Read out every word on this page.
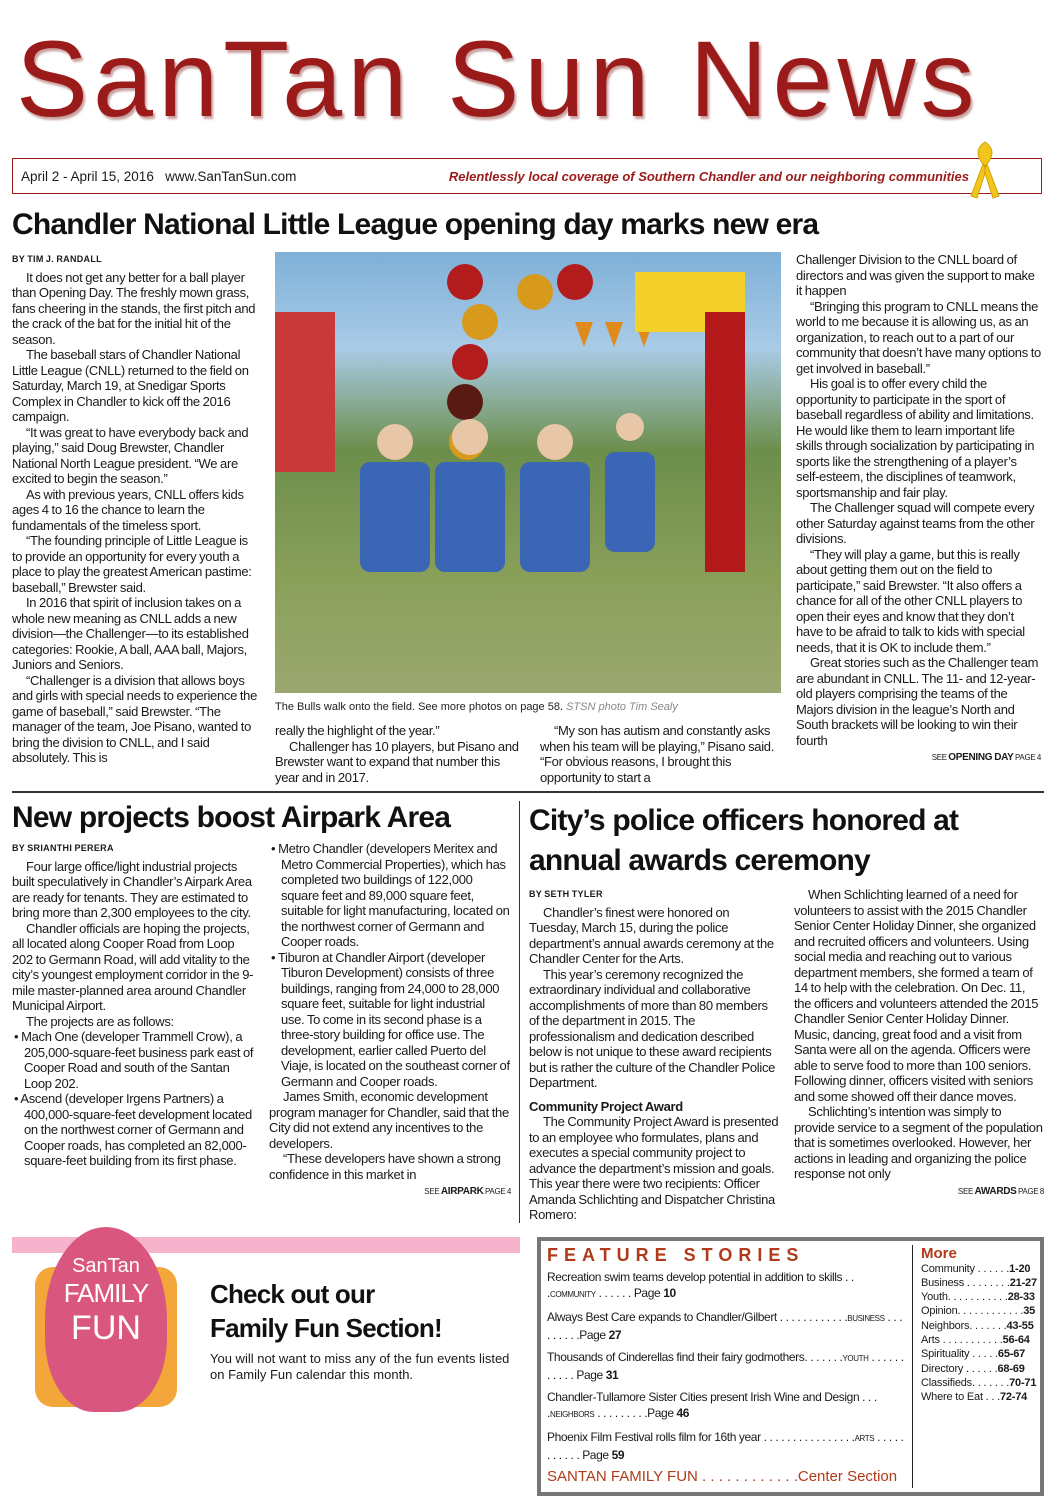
SanTan Sun News
April 2 - April 15, 2016
www.SanTanSun.com	Relentlessly local coverage of Southern Chandler and our neighboring communities
Chandler National Little League opening day marks new era

BY TIM J. RANDALL

It does not get any better for a ball player than Opening Day. The freshly mown grass, fans cheering in the stands, the first pitch and the crack of the bat for the initial hit of the season.

The baseball stars of Chandler National Little League (CNLL) returned to the field on Saturday, March 19, at Snedigar Sports Complex in Chandler to kick off the 2016 campaign.

“It was great to have everybody back and playing,” said Doug Brewster, Chandler National North League president. “We are excited to begin the season.”

As with previous years, CNLL offers kids ages 4 to 16 the chance to learn the fundamentals of the timeless sport.

“The founding principle of Little League is to provide an opportunity for every youth a place to play the greatest American pastime: baseball,” Brewster said.

In 2016 that spirit of inclusion takes on a whole new meaning as CNLL adds a new division—the Challenger—to its established categories: Rookie, A ball, AAA ball, Majors, Juniors and Seniors.

“Challenger is a division that allows boys and girls with special needs to experience the game of baseball,” said Brewster. “The manager of the team, Joe Pisano, wanted to bring the division to CNLL, and I said absolutely. This is

The Bulls walk onto the field. See more photos on page 58. STSN photo Tim Sealy

really the highlight of the year.”

Challenger has 10 players, but Pisano and Brewster want to expand that number this year and in 2017.

“My son has autism and constantly asks when his team will be playing,” Pisano said. “For obvious reasons, I brought this opportunity to start a

Challenger Division to the CNLL board of directors and was given the support to make it happen

“Bringing this program to CNLL means the world to me because it is allowing us, as an organization, to reach out to a part of our community that doesn’t have many options to get involved in baseball.”

His goal is to offer every child the opportunity to participate in the sport of baseball regardless of ability and limitations. He would like them to learn important life skills through socialization by participating in sports like the strengthening of a player’s self-esteem, the disciplines of teamwork, sportsmanship and fair play.

The Challenger squad will compete every other Saturday against teams from the other divisions.

“They will play a game, but this is really about getting them out on the field to participate,” said Brewster. “It also offers a chance for all of the other CNLL players to open their eyes and know that they don’t have to be afraid to talk to kids with special needs, that it is OK to include them.”

Great stories such as the Challenger team are abundant in CNLL. The 11- and 12-year-old players comprising the teams of the Majors division in the league’s North and South brackets will be looking to win their fourth

SEE OPENING DAY PAGE 4
New projects boost Airpark Area

BY SRIANTHI PERERA

Four large office/light industrial projects built speculatively in Chandler’s Airpark Area are ready for tenants. They are estimated to bring more than 2,300 employees to the city.

Chandler officials are hoping the projects, all located along Cooper Road from Loop 202 to Germann Road, will add vitality to the city’s youngest employment corridor in the 9-mile master-planned area around Chandler Municipal Airport.

The projects are as follows:

• Mach One (developer Trammell Crow), a 205,000-square-feet business park east of Cooper Road and south of the Santan Loop 202.
• Ascend (developer Irgens Partners) a 400,000-square-feet development located on the northwest corner of Germann and Cooper roads, has completed an 82,000-square-feet building from its first phase.
• Metro Chandler (developers Meritex and Metro Commercial Properties), which has completed two buildings of 122,000 square feet and 89,000 square feet, suitable for light manufacturing, located on the northwest corner of Germann and Cooper roads.
• Tiburon at Chandler Airport (developer Tiburon Development) consists of three buildings, ranging from 24,000 to 28,000 square feet, suitable for light industrial use. To come in its second phase is a three-story building for office use. The development, earlier called Puerto del Viaje, is located on the southeast corner of Germann and Cooper roads.

James Smith, economic development program manager for Chandler, said that the City did not extend any incentives to the developers.

“These developers have shown a strong confidence in this market in

SEE AIRPARK PAGE 4
City’s police officers honored at annual awards ceremony

BY SETH TYLER

Chandler’s finest were honored on Tuesday, March 15, during the police department’s annual awards ceremony at the Chandler Center for the Arts.

This year’s ceremony recognized the extraordinary individual and collaborative accomplishments of more than 80 members of the department in 2015. The professionalism and dedication described below is not unique to these award recipients but is rather the culture of the Chandler Police Department.

Community Project Award

The Community Project Award is presented to an employee who formulates, plans and executes a special community project to advance the department’s mission and goals. This year there were two recipients: Officer Amanda Schlichting and Dispatcher Christina Romero:

When Schlichting learned of a need for volunteers to assist with the 2015 Chandler Senior Center Holiday Dinner, she organized and recruited officers and volunteers. Using social media and reaching out to various department members, she formed a team of 14 to help with the celebration. On Dec. 11, the officers and volunteers attended the 2015 Chandler Senior Center Holiday Dinner. Music, dancing, great food and a visit from Santa were all on the agenda. Officers were able to serve food to more than 100 seniors. Following dinner, officers visited with seniors and some showed off their dance moves.

Schlichting’s intention was simply to provide service to a segment of the population that is sometimes overlooked. However, her actions in leading and organizing the police response not only

SEE AWARDS PAGE 8
SanTan
FAMILY
FUN
Check out our
Family Fun Section!
You will not want to miss any of the fun events listed on Family Fun calendar this month.
FEATURE STORIES
Recreation swim teams develop potential in addition to skills . . .COMMUNITY . . . . . . Page 10
Always Best Care expands to Chandler/Gilbert . . . . . . . . . . . .BUSINESS . . . . . . . . .Page 27
Thousands of Cinderellas find their fairy godmothers. . . . . . .YOUTH . . . . . . . . . . . Page 31
Chandler-Tullamore Sister Cities present Irish Wine and Design . . . .NEIGHBORS . . . . . . . . .Page 46
Phoenix Film Festival rolls film for 16th year . . . . . . . . . . . . . . . .ARTS . . . . . . . . . . . Page 59
SANTAN FAMILY FUN . . . . . . . . . . . .Center Section
More
Community . . . . . .1-20
Business . . . . . . . .21-27
Youth. . . . . . . . . . .28-33
Opinion. . . . . . . . . . . .35
Neighbors. . . . . . .43-55
Arts . . . . . . . . . . .56-64
Spirituality . . . . .65-67
Directory . . . . . .68-69
Classifieds. . . . . . .70-71
Where to Eat . . .72-74
